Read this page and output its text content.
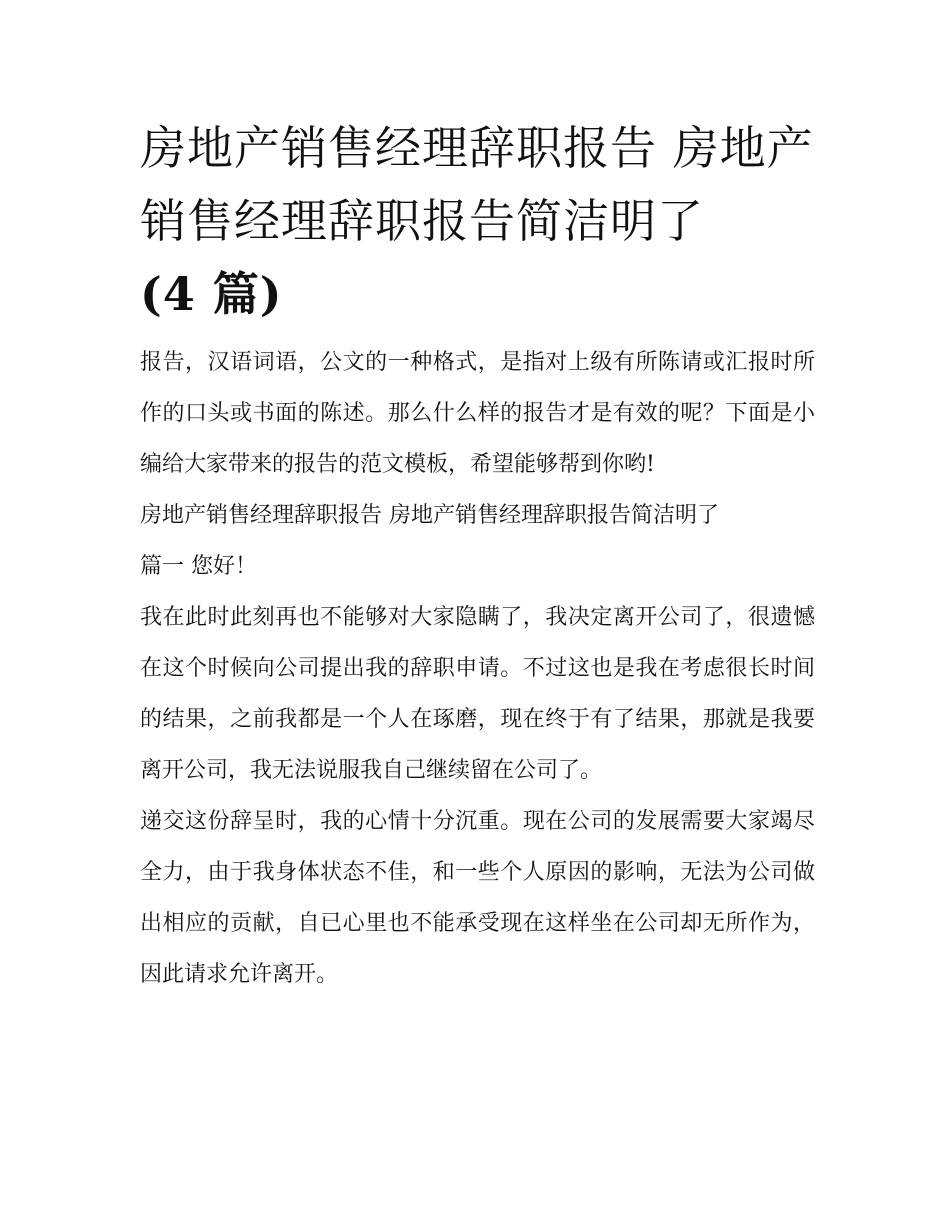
房地产销售经理辞职报告 房地产销售经理辞职报告简洁明了
(4 篇)

报告，汉语词语，公文的一种格式，是指对上级有所陈请或汇报时所作的口头或书面的陈述。那么什么样的报告才是有效的呢？下面是小编给大家带来的报告的范文模板，希望能够帮到你哟!

房地产销售经理辞职报告 房地产销售经理辞职报告简洁明了

篇一 您好！

我在此时此刻再也不能够对大家隐瞒了，我决定离开公司了，很遗憾在这个时候向公司提出我的辞职申请。不过这也是我在考虑很长时间的结果，之前我都是一个人在琢磨，现在终于有了结果，那就是我要离开公司，我无法说服我自己继续留在公司了。

递交这份辞呈时，我的心情十分沉重。现在公司的发展需要大家竭尽全力，由于我身体状态不佳，和一些个人原因的影响，无法为公司做出相应的贡献，自已心里也不能承受现在这样坐在公司却无所作为，因此请求允许离开。
